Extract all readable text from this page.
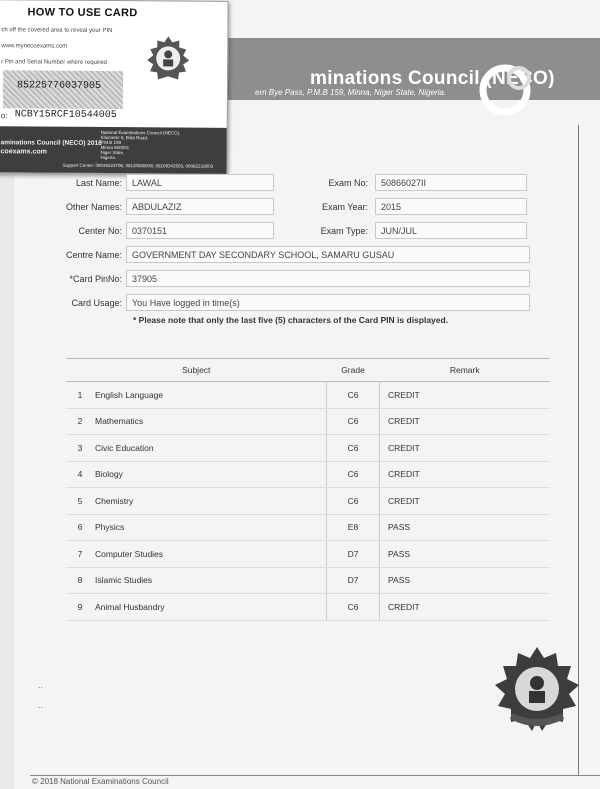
minations Council (NECO)
ern Bye Pass, P.M.B 159, Minna, Niger State, Nigeria.
HOW TO USE CARD
ch off the covered area to reveal your PIN
www.mynecoexams.com
r Pin and Serial Number where required
85225776037905
o: NCBY15RCF10544005
aminations Council (NECO) 2018
coexams.com
National Examinations Council (NECO),
Kilometer 8, Bida Road,
P.M.B 159
Minna 920001
Niger State,
Nigeria.
Support Center: 08049223706, 08120808038, 08109342503, 08082218003
Last Name:	LAWAL	Exam No:	50866027II
Other Names:	ABDULAZIZ	Exam Year:	2015
Center No:	0370151	Exam Type:	JUN/JUL
Centre Name:	GOVERNMENT DAY SECONDARY SCHOOL, SAMARU GUSAU
*Card PinNo:	37905
Card Usage:	You Have logged in time(s)
* Please note that only the last five (5) characters of the Card PIN is displayed.
Subject		Grade	Remark
1	English Language	C6	CREDIT
2	Mathematics	C6	CREDIT
3	Civic Education	C6	CREDIT
4	Biology	C6	CREDIT
5	Chemistry	C6	CREDIT
6	Physics	E8	PASS
7	Computer Studies	D7	PASS
8	Islamic Studies	D7	PASS
9	Animal Husbandry	C6	CREDIT
..
..
© 2018 National Examinations Council
